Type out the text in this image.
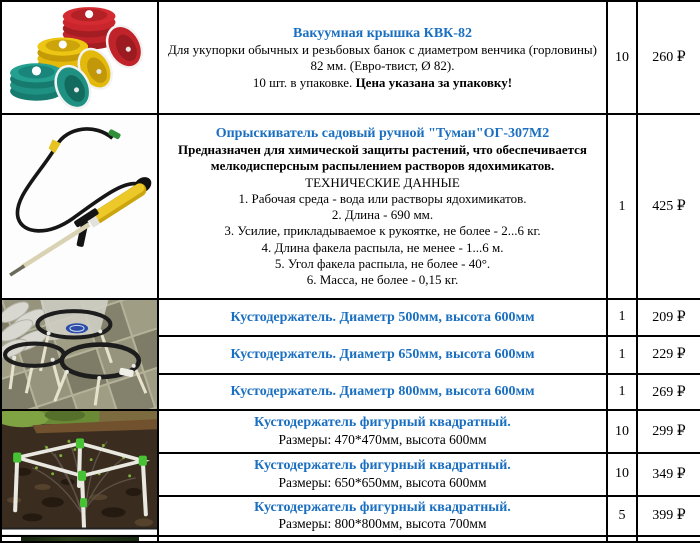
Вакуумная крышка КВК-82
Для укупорки обычных и резьбовых банок с диаметром венчика (горловины) 82 мм. (Евро-твист, Ø 82).
10 шт. в упаковке. Цена указана за упаковку!	10	260 ₽

Опрыскиватель садовый ручной "Туман"ОГ-307М2
Предназначен для химической защиты растений, что обеспечивается мелкодисперсным распылением растворов ядохимикатов.
ТЕХНИЧЕСКИЕ ДАННЫЕ
1. Рабочая среда - вода или растворы ядохимикатов.
2. Длина - 690 мм.
3. Усилие, прикладываемое к рукоятке, не более - 2...6 кг.
4. Длина факела распыла, не менее - 1...6 м.
5. Угол факела распыла, не более - 40°.
6. Масса, не более - 0,15 кг.
	1	425 ₽

Кустодержатель. Диаметр 500мм, высота 600мм	1	209 ₽

	Кустодержатель. Диаметр 650мм, высота 600мм	1	229 ₽

	Кустодержатель. Диаметр 800мм, высота 600мм	1	269 ₽

Кустодержатель фигурный квадратный.
Размеры: 470*470мм, высота 600мм	10	299 ₽

	Кустодержатель фигурный квадратный.
Размеры: 650*650мм, высота 600мм	10	349 ₽

	Кустодержатель фигурный квадратный.
Размеры: 800*800мм, высота 700мм	5	399 ₽
